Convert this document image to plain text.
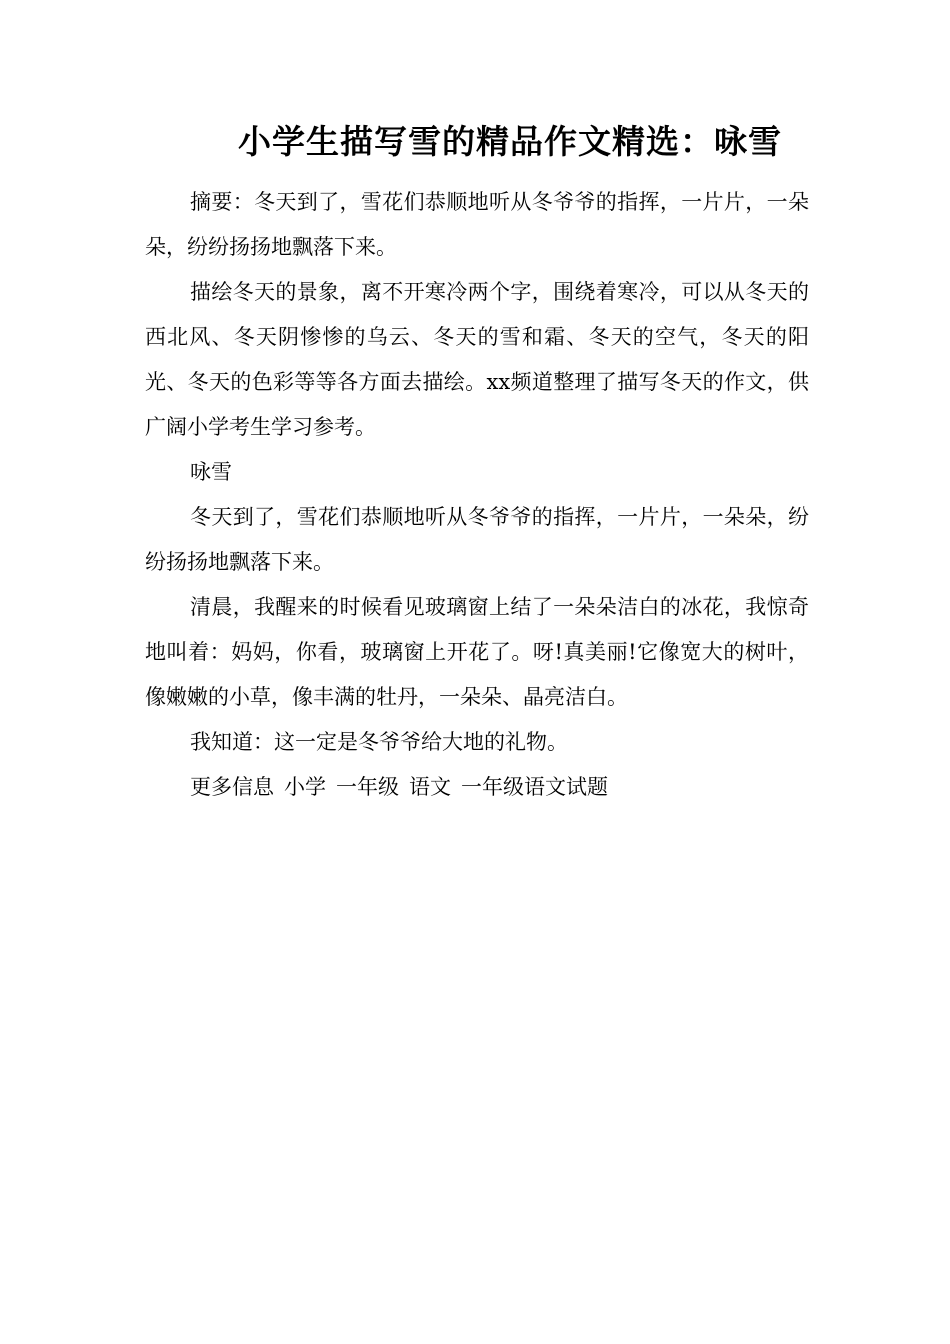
小学生描写雪的精品作文精选：咏雪

摘要：冬天到了，雪花们恭顺地听从冬爷爷的指挥，一片片，一朵朵，纷纷扬扬地飘落下来。

描绘冬天的景象，离不开寒冷两个字，围绕着寒冷，可以从冬天的西北风、冬天阴惨惨的乌云、冬天的雪和霜、冬天的空气，冬天的阳光、冬天的色彩等等各方面去描绘。xx频道整理了描写冬天的作文，供广阔小学考生学习参考。

咏雪

冬天到了，雪花们恭顺地听从冬爷爷的指挥，一片片，一朵朵，纷纷扬扬地飘落下来。

清晨，我醒来的时候看见玻璃窗上结了一朵朵洁白的冰花，我惊奇地叫着：妈妈，你看，玻璃窗上开花了。呀!真美丽!它像宽大的树叶，像嫩嫩的小草，像丰满的牡丹，一朵朵、晶亮洁白。

我知道：这一定是冬爷爷给大地的礼物。

更多信息 小学 一年级 语文 一年级语文试题
